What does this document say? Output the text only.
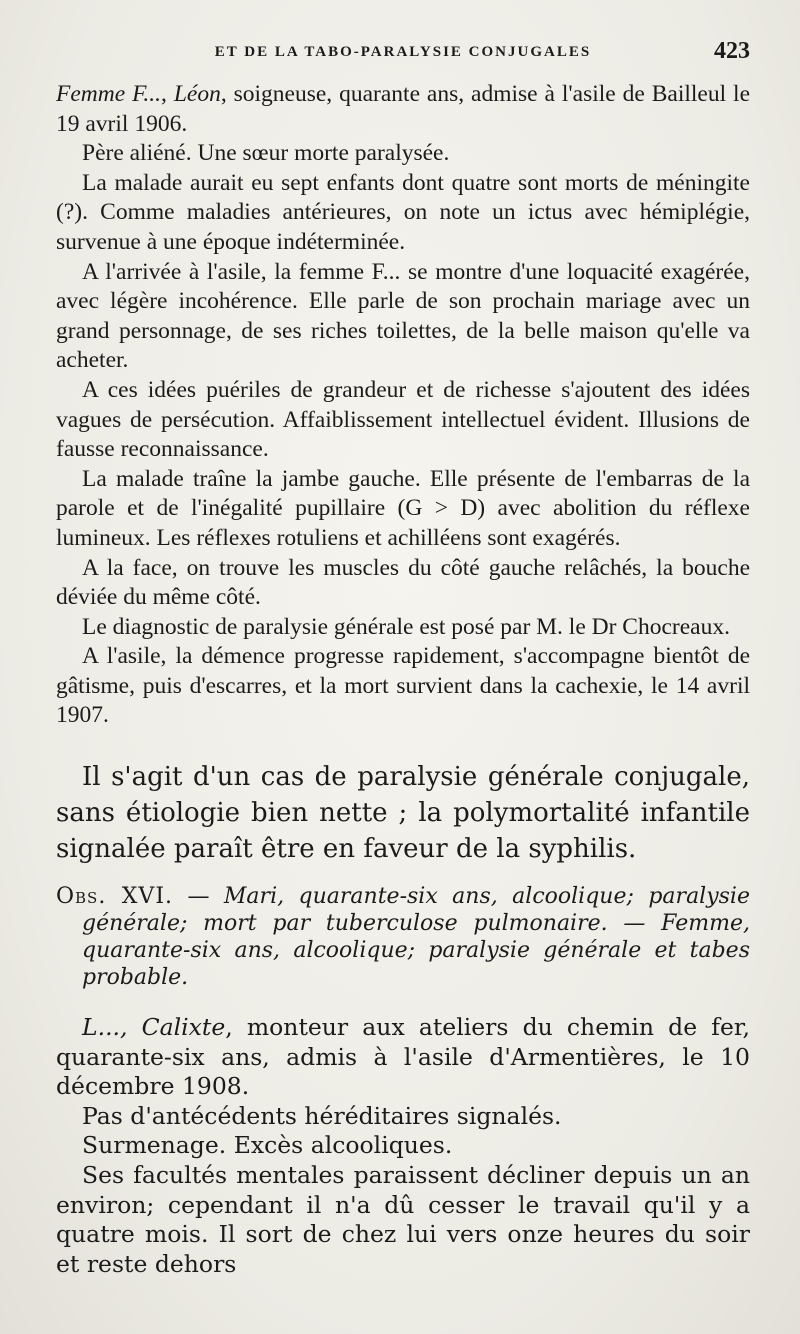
ET DE LA TABO-PARALYSIE CONJUGALES	423

Femme F..., Léon, soigneuse, quarante ans, admise à l'asile de Bailleul le 19 avril 1906.

Père aliéné. Une sœur morte paralysée.

La malade aurait eu sept enfants dont quatre sont morts de méningite (?). Comme maladies antérieures, on note un ictus avec hémiplégie, survenue à une époque indéterminée.

A l'arrivée à l'asile, la femme F... se montre d'une loquacité exagérée, avec légère incohérence. Elle parle de son prochain mariage avec un grand personnage, de ses riches toilettes, de la belle maison qu'elle va acheter.

A ces idées puériles de grandeur et de richesse s'ajoutent des idées vagues de persécution. Affaiblissement intellectuel évident. Illusions de fausse reconnaissance.

La malade traîne la jambe gauche. Elle présente de l'embarras de la parole et de l'inégalité pupillaire (G > D) avec abolition du réflexe lumineux. Les réflexes rotuliens et achilléens sont exagérés.

A la face, on trouve les muscles du côté gauche relâchés, la bouche déviée du même côté.

Le diagnostic de paralysie générale est posé par M. le Dr Chocreaux.

A l'asile, la démence progresse rapidement, s'accompagne bientôt de gâtisme, puis d'escarres, et la mort survient dans la cachexie, le 14 avril 1907.

Il s'agit d'un cas de paralysie générale conjugale, sans étiologie bien nette ; la polymortalité infantile signalée paraît être en faveur de la syphilis.

Obs. XVI. — Mari, quarante-six ans, alcoolique; paralysie générale; mort par tuberculose pulmonaire. — Femme, quarante-six ans, alcoolique; paralysie générale et tabes probable.

L..., Calixte, monteur aux ateliers du chemin de fer, quarante-six ans, admis à l'asile d'Armentières, le 10 décembre 1908.

Pas d'antécédents héréditaires signalés.

Surmenage. Excès alcooliques.

Ses facultés mentales paraissent décliner depuis un an environ; cependant il n'a dû cesser le travail qu'il y a quatre mois. Il sort de chez lui vers onze heures du soir et reste dehors
